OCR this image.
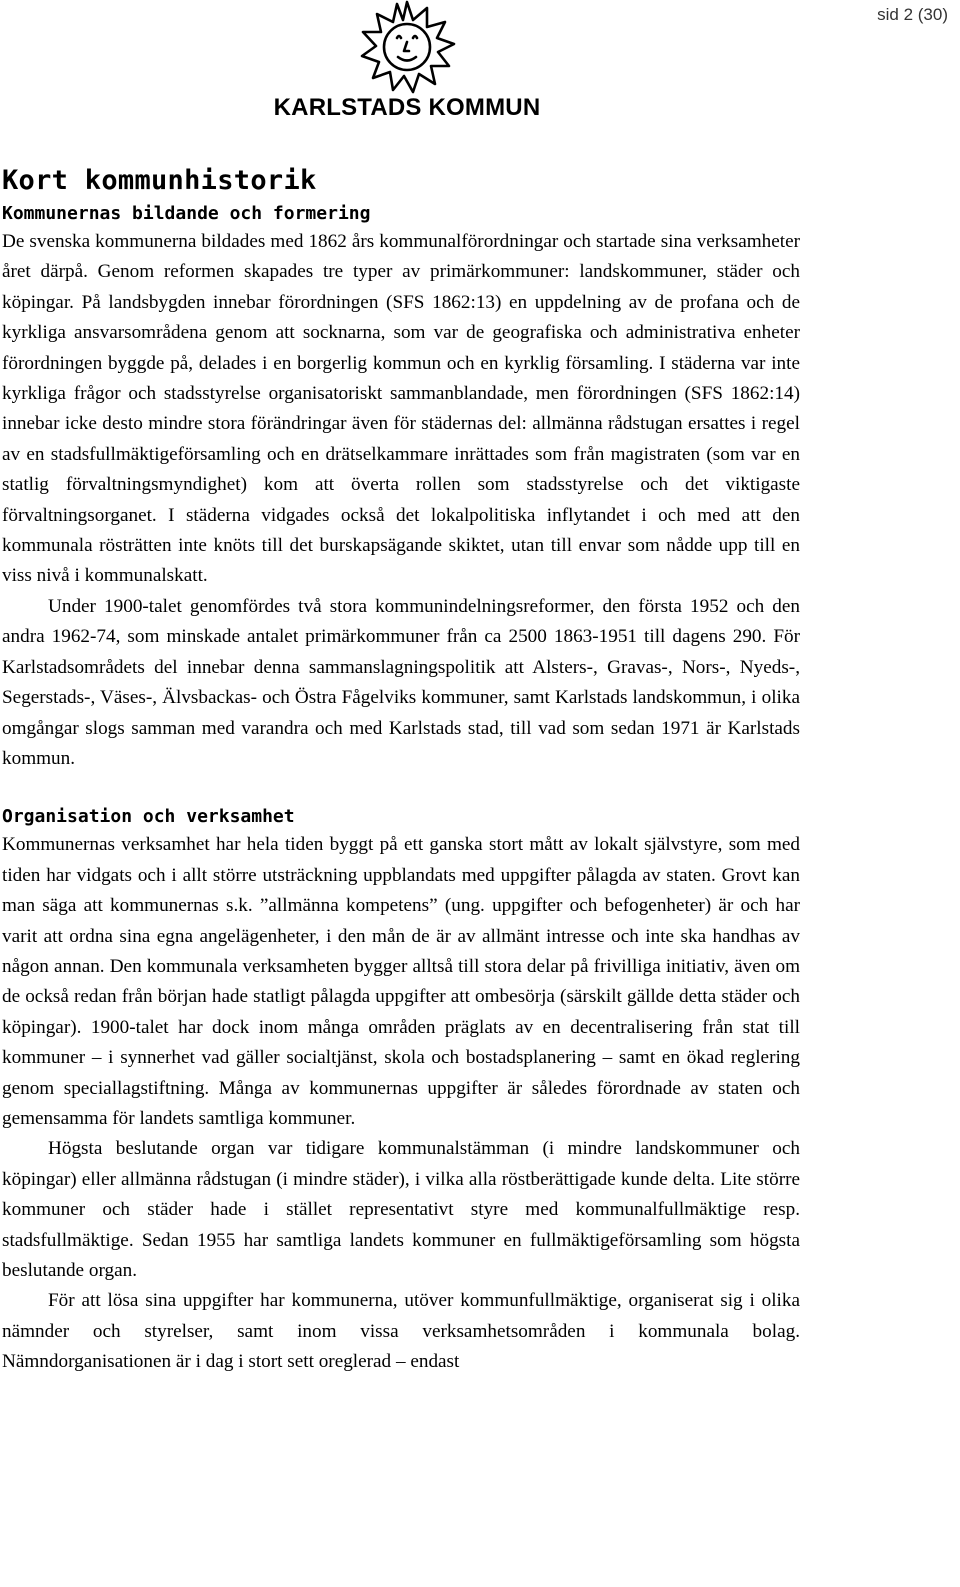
sid 2 (30)
KARLSTADS KOMMUN
Kort kommunhistorik
Kommunernas bildande och formering

De svenska kommunerna bildades med 1862 års kommunalförordningar och startade sina verksamheter året därpå. Genom reformen skapades tre typer av primärkommuner: landskommuner, städer och köpingar. På landsbygden innebar förordningen (SFS 1862:13) en uppdelning av de profana och de kyrkliga ansvarsområdena genom att socknarna, som var de geografiska och administrativa enheter förordningen byggde på, delades i en borgerlig kommun och en kyrklig församling. I städerna var inte kyrkliga frågor och stadsstyrelse organisatoriskt sammanblandade, men förordningen (SFS 1862:14) innebar icke desto mindre stora förändringar även för städernas del: allmänna rådstugan ersattes i regel av en stadsfullmäktigeförsamling och en drätselkammare inrättades som från magistraten (som var en statlig förvaltningsmyndighet) kom att överta rollen som stadsstyrelse och det viktigaste förvaltningsorganet. I städerna vidgades också det lokalpolitiska inflytandet i och med att den kommunala rösträtten inte knöts till det burskapsägande skiktet, utan till envar som nådde upp till en viss nivå i kommunalskatt.

Under 1900-talet genomfördes två stora kommunindelningsreformer, den första 1952 och den andra 1962-74, som minskade antalet primärkommuner från ca 2500 1863-1951 till dagens 290. För Karlstadsområdets del innebar denna sammanslagningspolitik att Alsters-, Gravas-, Nors-, Nyeds-, Segerstads-, Väses-, Älvsbackas- och Östra Fågelviks kommuner, samt Karlstads landskommun, i olika omgångar slogs samman med varandra och med Karlstads stad, till vad som sedan 1971 är Karlstads kommun.

Organisation och verksamhet

Kommunernas verksamhet har hela tiden byggt på ett ganska stort mått av lokalt självstyre, som med tiden har vidgats och i allt större utsträckning uppblandats med uppgifter pålagda av staten. Grovt kan man säga att kommunernas s.k. ”allmänna kompetens” (ung. uppgifter och befogenheter) är och har varit att ordna sina egna angelägenheter, i den mån de är av allmänt intresse och inte ska handhas av någon annan. Den kommunala verksamheten bygger alltså till stora delar på frivilliga initiativ, även om de också redan från början hade statligt pålagda uppgifter att ombesörja (särskilt gällde detta städer och köpingar). 1900-talet har dock inom många områden präglats av en decentralisering från stat till kommuner – i synnerhet vad gäller socialtjänst, skola och bostadsplanering – samt en ökad reglering genom speciallagstiftning. Många av kommunernas uppgifter är således förordnade av staten och gemensamma för landets samtliga kommuner.

Högsta beslutande organ var tidigare kommunalstämman (i mindre landskommuner och köpingar) eller allmänna rådstugan (i mindre städer), i vilka alla röstberättigade kunde delta. Lite större kommuner och städer hade i stället representativt styre med kommunalfullmäktige resp. stadsfullmäktige. Sedan 1955 har samtliga landets kommuner en fullmäktigeförsamling som högsta beslutande organ.

För att lösa sina uppgifter har kommunerna, utöver kommunfullmäktige, organiserat sig i olika nämnder och styrelser, samt inom vissa verksamhetsområden i kommunala bolag. Nämndorganisationen är i dag i stort sett oreglerad – endast
